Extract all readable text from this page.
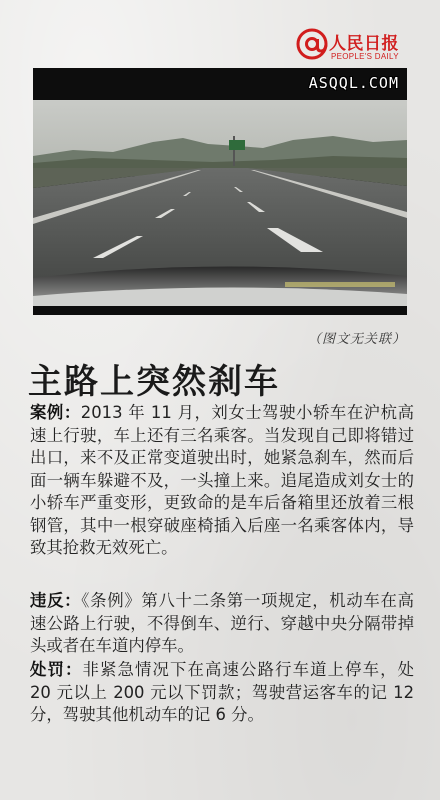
人民日报
PEOPLE'S DAILY
ASQQL.COM
（图文无关联）
主路上突然刹车
案例：2013 年 11 月，刘女士驾驶小轿车在沪杭高速上行驶，车上还有三名乘客。当发现自己即将错过出口，来不及正常变道驶出时，她紧急刹车，然而后面一辆车躲避不及，一头撞上来。追尾造成刘女士的小轿车严重变形，更致命的是车后备箱里还放着三根钢管，其中一根穿破座椅插入后座一名乘客体内，导致其抢救无效死亡。
违反：《条例》第八十二条第一项规定，机动车在高速公路上行驶，不得倒车、逆行、穿越中央分隔带掉头或者在车道内停车。
处罚：非紧急情况下在高速公路行车道上停车，处 20 元以上 200 元以下罚款；驾驶营运客车的记 12 分，驾驶其他机动车的记 6 分。
